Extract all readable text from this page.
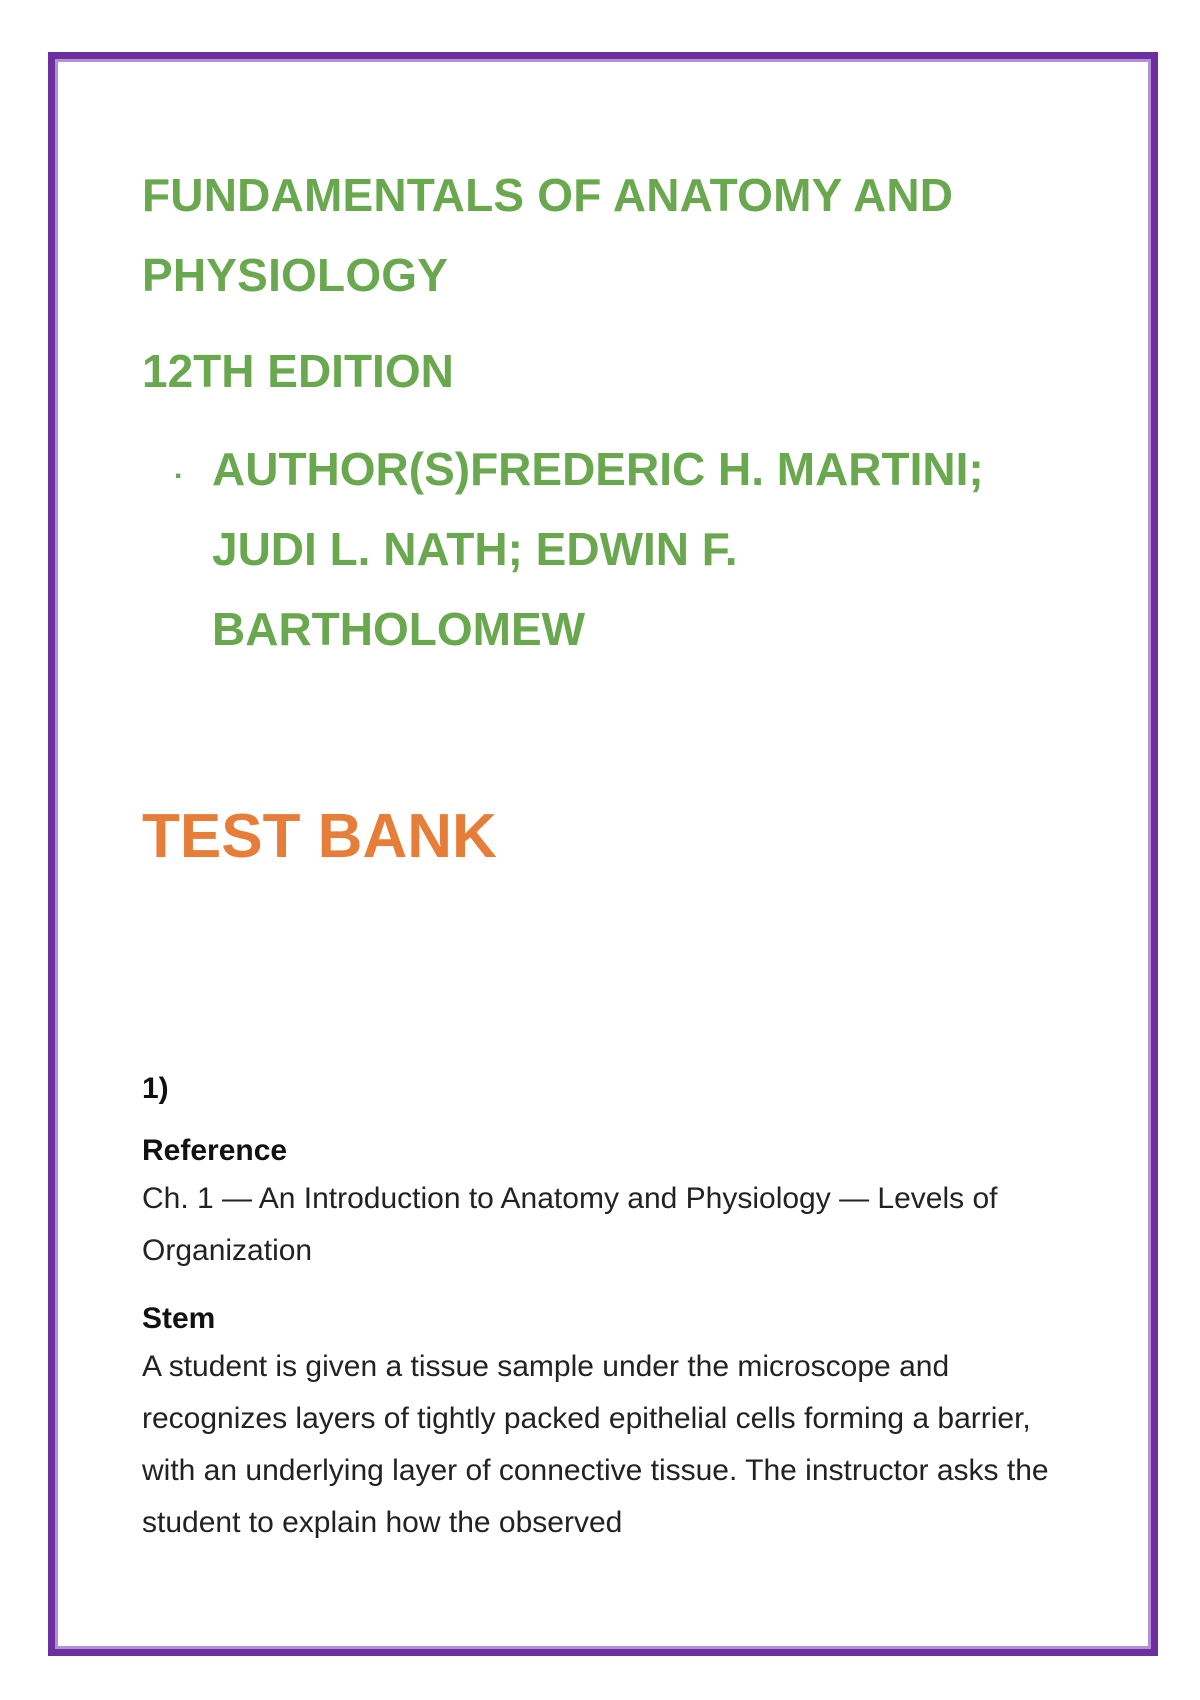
FUNDAMENTALS OF ANATOMY AND PHYSIOLOGY
12TH EDITION
. AUTHOR(S)FREDERIC H. MARTINI; JUDI L. NATH; EDWIN F. BARTHOLOMEW

TEST BANK

1)

Reference

Ch. 1 — An Introduction to Anatomy and Physiology — Levels of Organization

Stem

A student is given a tissue sample under the microscope and recognizes layers of tightly packed epithelial cells forming a barrier, with an underlying layer of connective tissue. The instructor asks the student to explain how the observed
